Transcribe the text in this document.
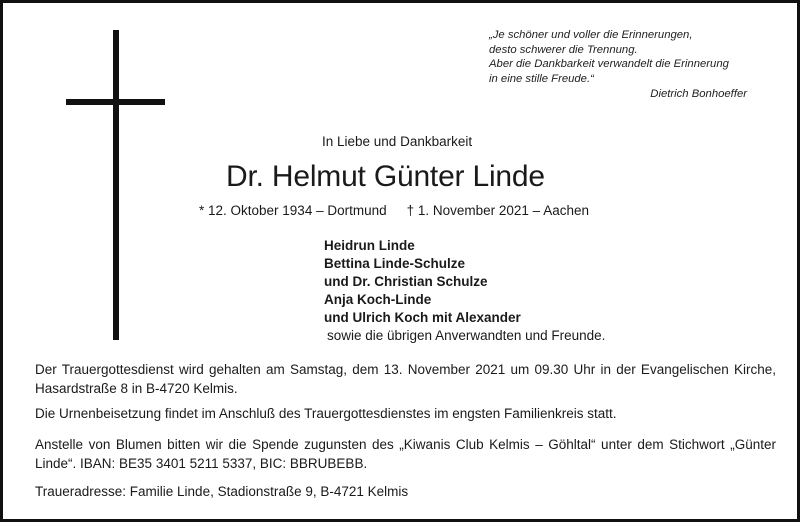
„Je schöner und voller die Erinnerungen,
desto schwerer die Trennung.
Aber die Dankbarkeit verwandelt die Erinnerung
in eine stille Freude.“
Dietrich Bonhoeffer
In Liebe und Dankbarkeit
Dr. Helmut Günter Linde
* 12. Oktober 1934 – Dortmund † 1. November 2021 – Aachen
Heidrun Linde
Bettina Linde-Schulze
und Dr. Christian Schulze
Anja Koch-Linde
und Ulrich Koch mit Alexander
sowie die übrigen Anverwandten und Freunde.
Der Trauergottesdienst wird gehalten am Samstag, dem 13. November 2021 um 09.30 Uhr in der Evangelischen Kirche, Hasardstraße 8 in B-4720 Kelmis.
Die Urnenbeisetzung findet im Anschluß des Trauergottesdienstes im engsten Familienkreis statt.
Anstelle von Blumen bitten wir die Spende zugunsten des „Kiwanis Club Kelmis – Göhltal“ unter dem Stichwort „Günter Linde“. IBAN: BE35 3401 5211 5337, BIC: BBRUBEBB.
Traueradresse: Familie Linde, Stadionstraße 9, B-4721 Kelmis
